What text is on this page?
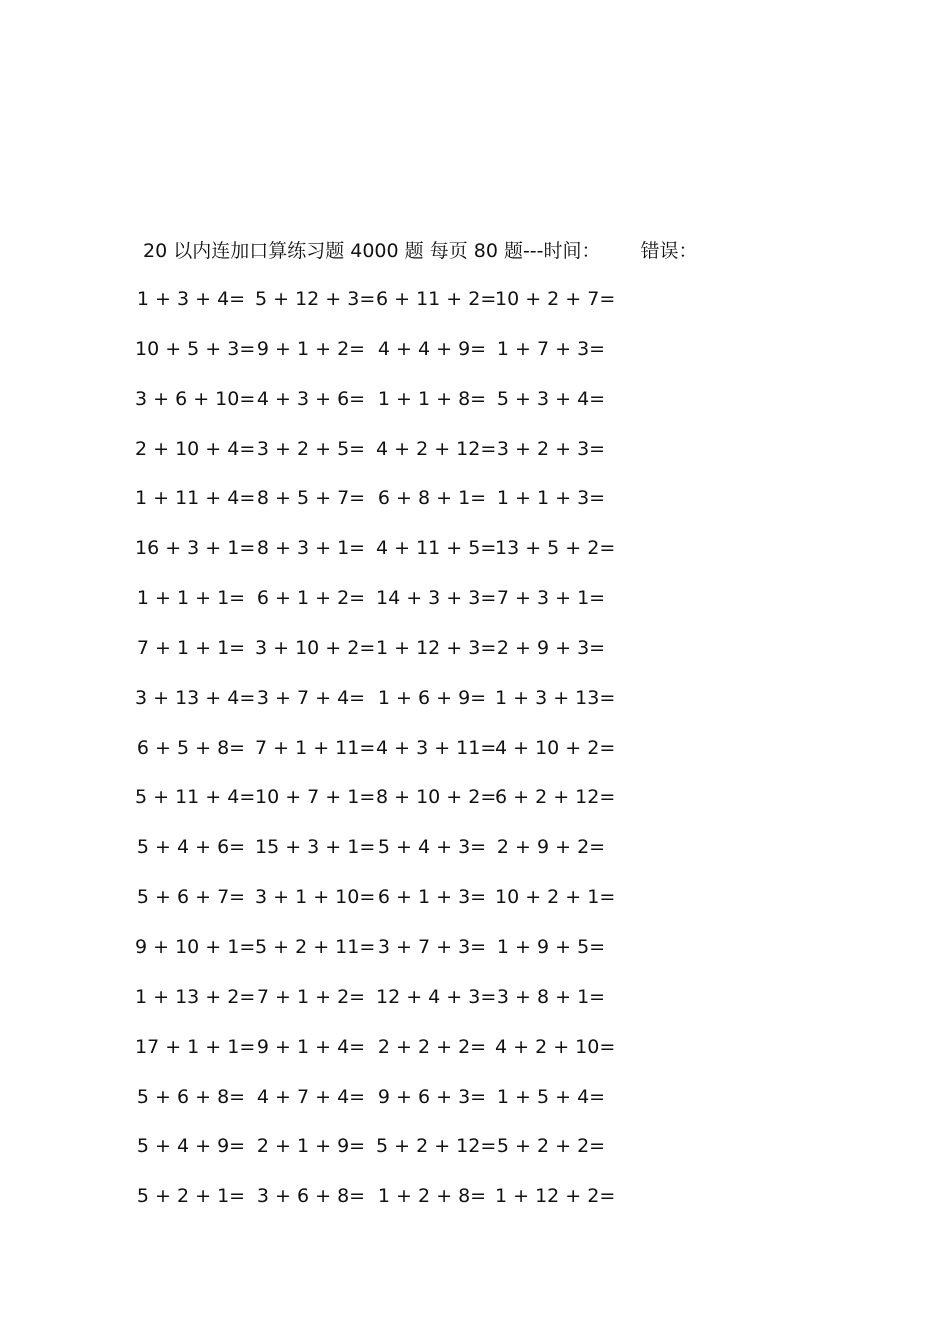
20 以内连加口算练习题 4000 题 每页 80 题---时间： 错误：
1 + 3 + 4= 5 + 12 + 3= 6 + 11 + 2=
10 + 2 + 7=
10 + 5 + 3= 9 + 1 + 2= 4 + 4 + 9= 1 + 7 + 3=
3 + 6 + 10= 4 + 3 + 6= 1 + 1 + 8= 5 + 3 + 4=
2 + 10 + 4= 3 + 2 + 5= 4 + 2 + 12= 3 + 2 + 3=
1 + 11 + 4= 8 + 5 + 7= 6 + 8 + 1= 1 + 1 + 3=
16 + 3 + 1= 8 + 3 + 1= 4 + 11 + 5=
13 + 5 + 2=
1 + 1 + 1= 6 + 1 + 2= 14 + 3 + 3= 7 + 3 + 1=
7 + 1 + 1= 3 + 10 + 2= 1 + 12 + 3= 2 + 9 + 3=
3 + 13 + 4= 3 + 7 + 4= 1 + 6 + 9= 1 + 3 + 13=
6 + 5 + 8= 7 + 1 + 11= 4 + 3 + 11=
4 + 10 + 2=
5 + 11 + 4= 10 + 7 + 1= 8 + 10 + 2=
6 + 2 + 12=
5 + 4 + 6= 15 + 3 + 1= 5 + 4 + 3= 2 + 9 + 2=
5 + 6 + 7= 3 + 1 + 10= 6 + 1 + 3= 10 + 2 + 1=
9 + 10 + 1= 5 + 2 + 11= 3 + 7 + 3= 1 + 9 + 5=
1 + 13 + 2= 7 + 1 + 2= 12 + 4 + 3= 3 + 8 + 1=
17 + 1 + 1= 9 + 1 + 4= 2 + 2 + 2= 4 + 2 + 10=
5 + 6 + 8= 4 + 7 + 4= 9 + 6 + 3= 1 + 5 + 4=
5 + 4 + 9= 2 + 1 + 9= 5 + 2 + 12= 5 + 2 + 2=
5 + 2 + 1= 3 + 6 + 8= 1 + 2 + 8= 1 + 12 + 2=
